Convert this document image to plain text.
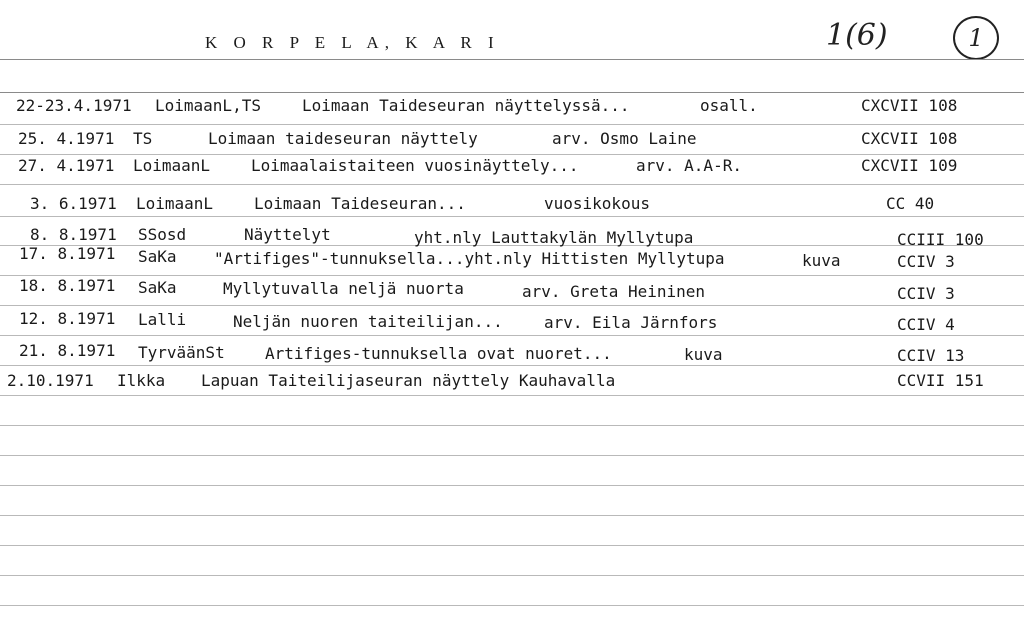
K O R P E L A, K A R I	1(6)	1
22-23.4.1971 LoimaanL,TS	Loimaan Taideseuran näyttelyssä...	osall.	CXCVII 108
25. 4.1971 TS	Loimaan taideseuran näyttely	arv. Osmo Laine	CXCVII 108
27. 4.1971 LoimaanL	Loimaalaistaiteen vuosinäyttely...	arv. A.A-R.	CXCVII 109
3. 6.1971 LoimaanL	Loimaan Taideseuran...	vuosikokous	CC 40
8. 8.1971 SSosd	Näyttelyt	yht.nly Lauttakylän Myllytupa	CCIII 100
17. 8.1971 SaKa "Artifiges"-tunnuksella...yht.nly Hittisten Myllytupa	kuva	CCIV 3
18. 8.1971 SaKa	Myllytuvalla neljä nuorta	arv. Greta Heininen	CCIV 3
12. 8.1971 Lalli	Neljän nuoren taiteilijan...	arv. Eila Järnfors	CCIV 4
21. 8.1971 TyrväänSt	Artifiges-tunnuksella ovat nuoret...	kuva	CCIV 13
2.10.1971 Ilkka Lapuan Taiteilijaseuran näyttely Kauhavalla	CCVII 151
